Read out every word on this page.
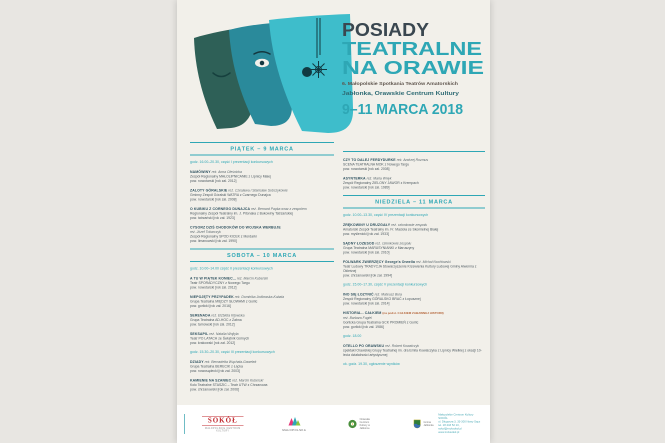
POSIADY
TEATRALNE
NA ORAWIE
6. Małopolskie Spotkania Teatrów Amatorskich
Jabłonka, Orawskie Centrum Kultury
9–11 MARCA 2018
PIĄTEK – 9 MARCA
godz. 16.00–20.30, część I prezentacji konkursowych
NAMÓWINY reż. Anna Oleśnicka
Zespół Regionalny MAŁOLIPNICANIE z Lipnicy Małej
pow. nowotarski [rok zał. 2012]
ZALOTY GÓRALSKIE reż. Czesława i Stanisław Sobczykowie
Gminny Zespół Góralski WATRA z Czarnego Dunajca
pow. nowotarski [rok zał. 2008]
O KUBIKU Z CORNEGO DUNAJCA reż. Bernard Papka wraz z zespołem
Regionalny Zespół Teatralny im. J. Pitonaka z Bukowiny Tatrzańskiej
pow. tatrzański [rok zał. 1923]
CYSORZ DZIŚ CHODOKÓW DO WOJSKA WERBUJE
reż. Józef Tokarczyk
Zespół Regionalny SPOD KICEK z Mordarki
pow. limanowski [rok zał. 1990]
SOBOTA – 10 MARCA
godz. 10.00–14.00 część II prezentacji konkursowych
A TU W PIĄTEK KONIEC... reż. Marcin Kuberski
Teatr SPORADYCZNY z Nowego Targu
pow. nowotarski [rok zał. 2012]
NIEPOJĘTY PRZYPADEK reż. Dominika Jodłowska-Kubala
Grupa Teatralna MIĘDZY SŁOWAMI z Gorlic
pow. gorlicki [rok zał. 2016]
SERENADA reż. Elżbieta Kijowska
Grupa Teatralna AD-HOC z Żabna
pow. tarnowski [rok zał. 2012]
SEKSAPIL reż. Natalia Wojtyła
Teatr PO LATACH ze Świątnik Górnych
pow. krakowski [rok zał. 2012]
godz. 15.30–20.30, część III prezentacji konkursowych
DZIADY reż. Bernadetta Wąchała-Gawełek
Grupa Teatralna BERECIK z Łącka
pow. nowosądecki [rok zał. 2003]
KAMIENIE NA SZANIEC reż. Marcin Kuberski
Koło Teatralne STASZIC – Teatr UTW z Chrzanowa
pow. chrzanowski [rok zał. 2006]
CZY TO DALEJ FERDYDURKE reż. Andrzej Rozmus
SCENA TEATRALNA MOK z Nowego Targu
pow. nowotarski [rok zał. 2008]
ASYNTERKA reż. Maria Wnęk
Zespół Regionalny ZIELONY JAWOR z Krempach
pow. nowotarski [rok zał. 1989]
NIEDZIELA – 11 MARCA
godz. 10.00–13.30, część IV prezentacji konkursowych
ZRĘKOWINY U DRUZGAŁY reż. członkowie zespołu
Amatorski Zespół Teatralny im. Fr. Macioła ze Skomielnej Białej
pow. myślenicki [rok zał. 1933]
SĄDNY ŁOZESOD reż. członkowie zespołu
Grupa Teatralna MARUSYNIANKI z Maruszyny
pow. nowotarski [rok zał. 2010]
FOLWARK ZWIERZĘCY George'a Orwella reż. Michał Nochlowski
Teatr Ludowy TRADYCJA Stowarzyszenie Krzewienia Kultury Ludowej Gminy Alwernia z Okleśnej
pow. chrzanowski [rok zał. 1994]
godz. 15.00–17.30, część V prezentacji konkursowych
INO SIĘ ŁOZYNIĆ reż. Mateusz Bula
Zespół Regionalny GÓRALSKO BRAĆ z Łopusznej
pow. nowotarski [rok zał. 2014]
HISTORIA... CAŁKIEM (na podst. CAŁKIEM ZABAWNEJ HISTORII)
reż. Barbara Fugiel
Gorlicka Grupa Teatralna GCK PROMIEŃ z Gorlic
pow. gorlicki [rok zał. 1986]
godz. 18.00
OTELLO PO ORAWSKU reż. Robert Kowalczyk
spektakl Orawskiej Grupy Teatralnej im. dra Emila Kowalczyka z Lipnicy Wielkiej z okazji 10-lecia działalności artystycznej
ok. godz. 19.30, ogłoszenie wyników
SOKÓŁ
MAŁOPOLSKIE CENTRUM KULTURY	MAŁOPOLSKA
Orawskie Centrum
Kultury w Jabłonce
Gmina Jabłonka
Małopolskie Centrum Kultury SOKÓŁ
ul. Długosza 3, 33-300 Nowy Sącz
tel. 18 443 52 10, sokol@mcksokol.pl
www.mcksokol.pl
